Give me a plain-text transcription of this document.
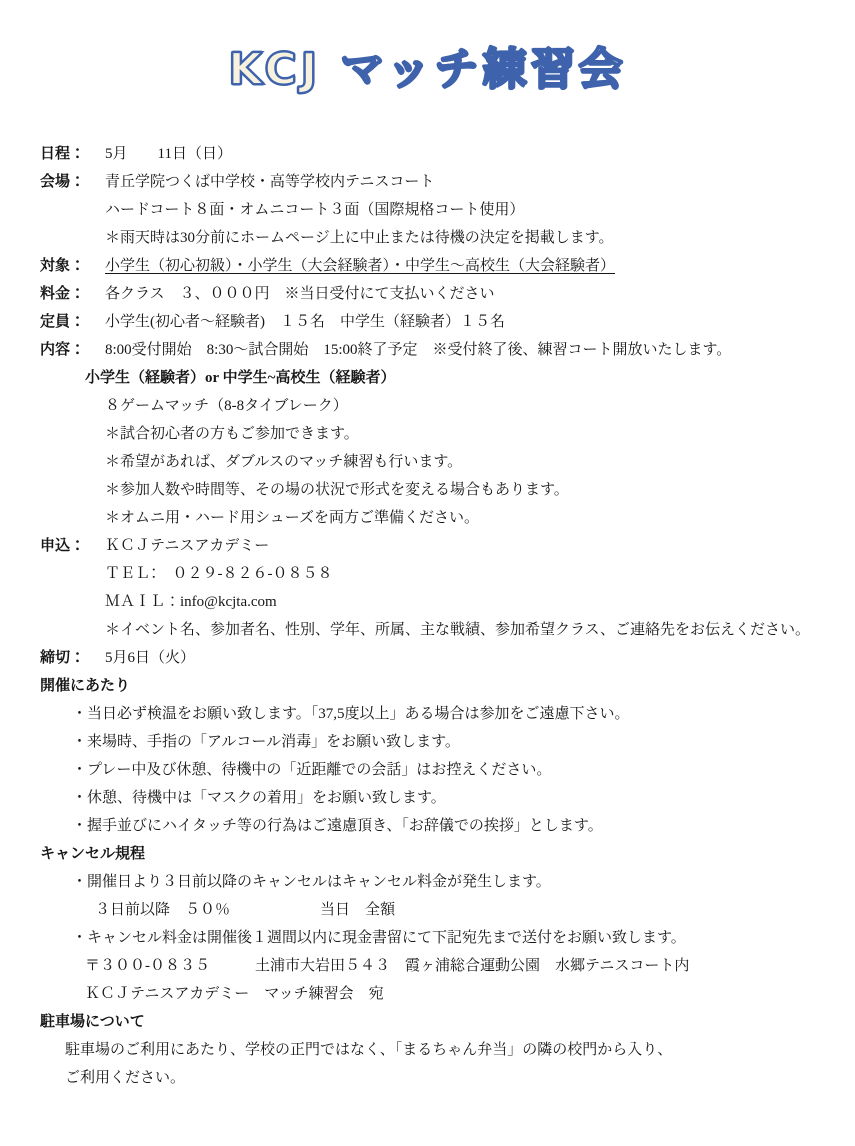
KCJ マッチ練習会
日程：	5月　　11日（日）
会場：	青丘学院つくば中学校・高等学校内テニスコート
ハードコート８面・オムニコート３面（国際規格コート使用）
＊雨天時は30分前にホームページ上に中止または待機の決定を掲載します。
対象：	小学生（初心初級）・小学生（大会経験者）・中学生～高校生（大会経験者）
料金：	各クラス　３、０００円　※当日受付にて支払いください
定員：	小学生(初心者～経験者)　１５名　中学生（経験者）１５名
内容：	8:00受付開始　8:30～試合開始　15:00終了予定　※受付終了後、練習コート開放いたします。
小学生（経験者）or 中学生~高校生（経験者）
８ゲームマッチ（8-8タイブレーク）
＊試合初心者の方もご参加できます。
＊希望があれば、ダブルスのマッチ練習も行います。
＊参加人数や時間等、その場の状況で形式を変える場合もあります。
＊オムニ用・ハード用シューズを両方ご準備ください。
申込：	ＫＣＪテニスアカデミー
ＴＥＬ：　０２９‐８２６‐０８５８
ＭＡＩＬ：info@kcjta.com
＊イベント名、参加者名、性別、学年、所属、主な戦績、参加希望クラス、ご連絡先をお伝えください。
締切：	5月6日（火）
開催にあたり
・当日必ず検温をお願い致します。「37,5度以上」ある場合は参加をご遠慮下さい。
・来場時、手指の「アルコール消毒」をお願い致します。
・プレー中及び休憩、待機中の「近距離での会話」はお控えください。
・休憩、待機中は「マスクの着用」をお願い致します。
・握手並びにハイタッチ等の行為はご遠慮頂き、「お辞儀での挨拶」とします。
キャンセル規程
・開催日より３日前以降のキャンセルはキャンセル料金が発生します。
３日前以降　５０％　　　　　　当日　全額
・キャンセル料金は開催後１週間以内に現金書留にて下記宛先まで送付をお願い致します。
〒３００‐０８３５　　　土浦市大岩田５４３　霞ヶ浦総合運動公園　水郷テニスコート内
ＫＣＪテニスアカデミー　マッチ練習会　宛
駐車場について
駐車場のご利用にあたり、学校の正門ではなく、「まるちゃん弁当」の隣の校門から入り、
ご利用ください。
